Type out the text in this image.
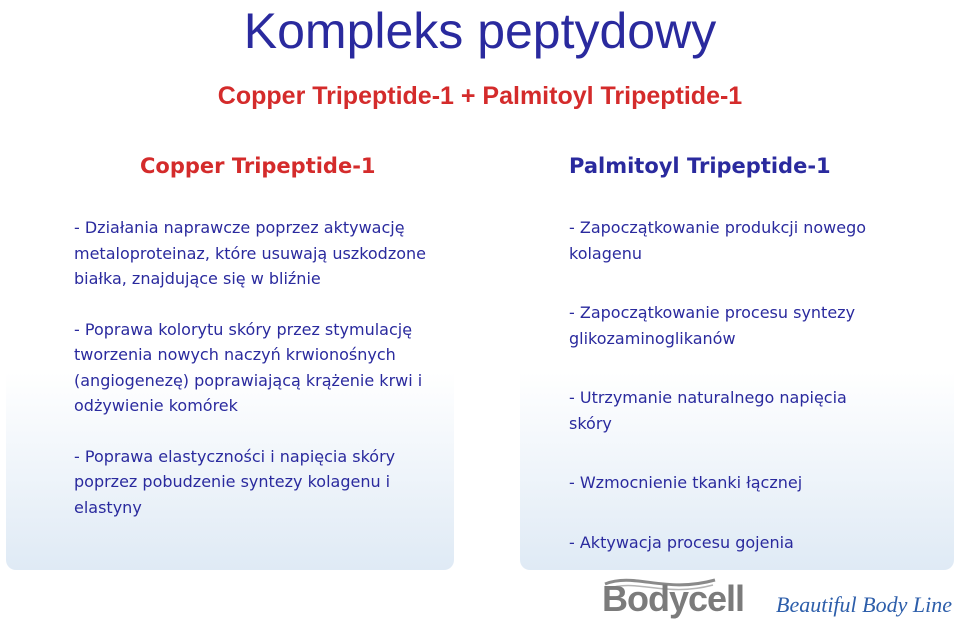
Kompleks peptydowy
Copper Tripeptide-1 + Palmitoyl Tripeptide-1
Copper Tripeptide-1	Palmitoyl Tripeptide-1
- Działania naprawcze poprzez aktywację metaloproteinaz, które usuwają uszkodzone białka, znajdujące się w bliźnie
- Poprawa kolorytu skóry przez stymulację tworzenia nowych naczyń krwionośnych (angiogenezę) poprawiającą krążenie krwi i odżywienie komórek
- Poprawa elastyczności i napięcia skóry poprzez pobudzenie syntezy kolagenu i elastyny
- Zapoczątkowanie produkcji nowego kolagenu
- Zapoczątkowanie procesu syntezy glikozaminoglikanów
- Utrzymanie naturalnego napięcia skóry
- Wzmocnienie tkanki łącznej
- Aktywacja procesu gojenia
Bodycell Beautiful Body Line
